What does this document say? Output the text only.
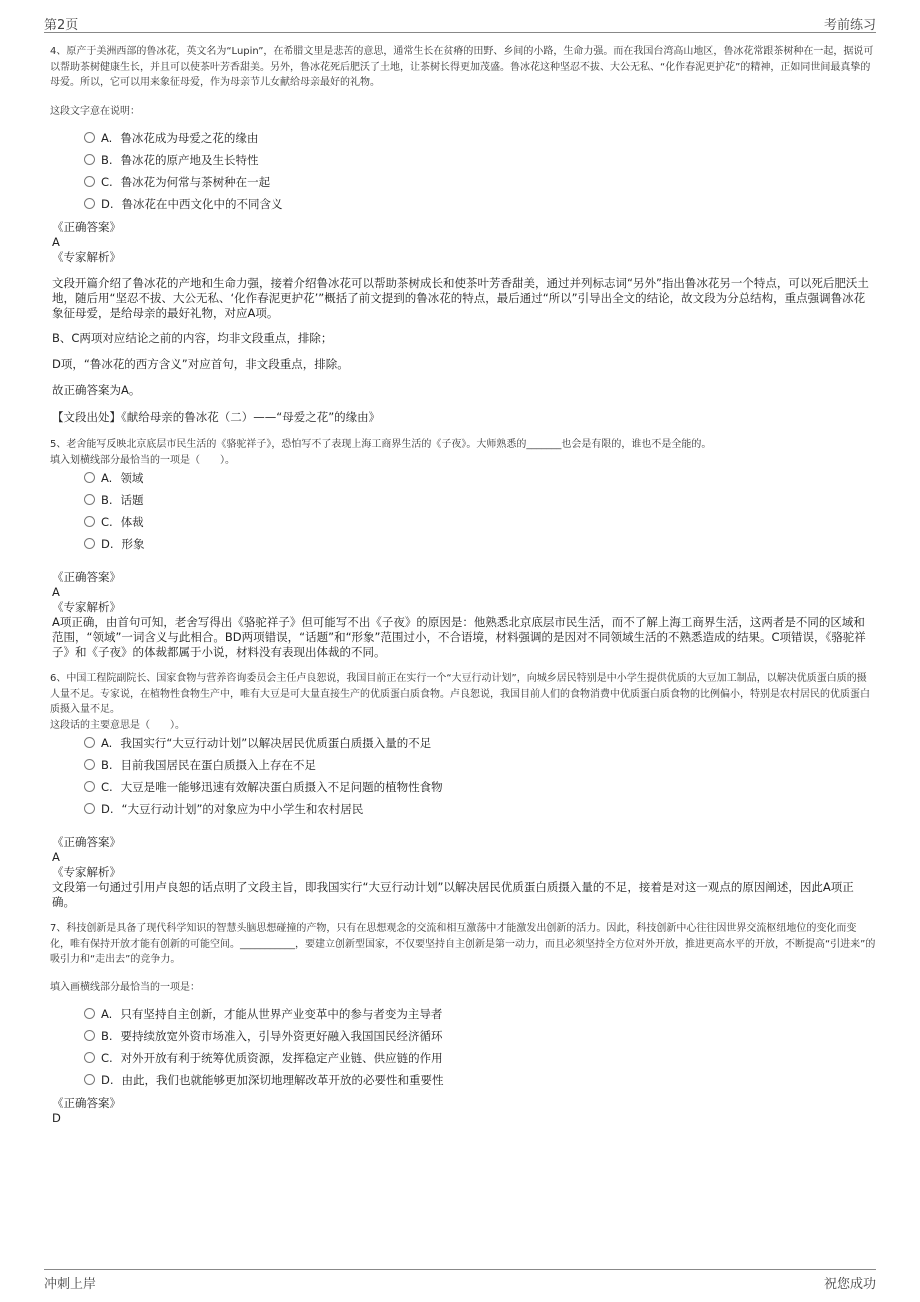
第2页	考前练习
4、原产于美洲西部的鲁冰花，英文名为“Lupin”，在希腊文里是悲苦的意思，通常生长在贫瘠的田野、乡间的小路，生命力强。而在我国台湾高山地区，鲁冰花常跟茶树种在一起，据说可以帮助茶树健康生长，并且可以使茶叶芳香甜美。另外，鲁冰花死后肥沃了土地，让茶树长得更加茂盛。鲁冰花这种坚忍不拔、大公无私、“化作春泥更护花”的精神，正如同世间最真挚的母爱。所以，它可以用来象征母爱，作为母亲节儿女献给母亲最好的礼物。
这段文字意在说明：
A. 鲁冰花成为母爱之花的缘由
B. 鲁冰花的原产地及生长特性
C. 鲁冰花为何常与茶树种在一起
D. 鲁冰花在中西文化中的不同含义
《正确答案》
A
《专家解析》
文段开篇介绍了鲁冰花的产地和生命力强，接着介绍鲁冰花可以帮助茶树成长和使茶叶芳香甜美，通过并列标志词“另外”指出鲁冰花另一个特点，可以死后肥沃土地，随后用“坚忍不拔、大公无私、‘化作春泥更护花’”概括了前文提到的鲁冰花的特点，最后通过“所以”引导出全文的结论，故文段为分总结构，重点强调鲁冰花象征母爱，是给母亲的最好礼物，对应A项。
B、C两项对应结论之前的内容，均非文段重点，排除；
D项，“鲁冰花的西方含义”对应首句，非文段重点，排除。
故正确答案为A。
【文段出处】《献给母亲的鲁冰花（二）——“母爱之花”的缘由》
5、老舍能写反映北京底层市民生活的《骆驼祥子》，恐怕写不了表现上海工商界生活的《子夜》。大师熟悉的_______也会是有限的，谁也不是全能的。
填入划横线部分最恰当的一项是（　　）。
A. 领域
B. 话题
C. 体裁
D. 形象
《正确答案》
A
《专家解析》
A项正确，由首句可知，老舍写得出《骆驼祥子》但可能写不出《子夜》的原因是：他熟悉北京底层市民生活，而不了解上海工商界生活，这两者是不同的区域和范围，“领域”一词含义与此相合。BD两项错误，“话题”和“形象”范围过小，不合语境，材料强调的是因对不同领域生活的不熟悉造成的结果。C项错误，《骆驼祥子》和《子夜》的体裁都属于小说，材料没有表现出体裁的不同。
6、中国工程院副院长、国家食物与营养咨询委员会主任卢良恕说，我国目前正在实行一个“大豆行动计划”，向城乡居民特别是中小学生提供优质的大豆加工制品，以解决优质蛋白质的摄人量不足。专家说，在植物性食物生产中，唯有大豆是可大量直接生产的优质蛋白质食物。卢良恕说，我国目前人们的食物消费中优质蛋白质食物的比例偏小，特别是农村居民的优质蛋白质摄入量不足。
这段话的主要意思是（　　）。
A. 我国实行“大豆行动计划”以解决居民优质蛋白质摄入量的不足
B. 目前我国居民在蛋白质摄入上存在不足
C. 大豆是唯一能够迅速有效解决蛋白质摄入不足问题的植物性食物
D. “大豆行动计划”的对象应为中小学生和农村居民
《正确答案》
A
《专家解析》
文段第一句通过引用卢良恕的话点明了文段主旨，即我国实行“大豆行动计划”以解决居民优质蛋白质摄入量的不足，接着是对这一观点的原因阐述，因此A项正确。
7、科技创新是具备了现代科学知识的智慧头脑思想碰撞的产物，只有在思想观念的交流和相互激荡中才能激发出创新的活力。因此，科技创新中心往往因世界交流枢纽地位的变化而变化，唯有保持开放才能有创新的可能空间。___________，要建立创新型国家，不仅要坚持自主创新是第一动力，而且必须坚持全方位对外开放，推进更高水平的开放，不断提高“引进来”的吸引力和“走出去”的竞争力。
填入画横线部分最恰当的一项是：
A. 只有坚持自主创新，才能从世界产业变革中的参与者变为主导者
B. 要持续放宽外资市场准入，引导外资更好融入我国国民经济循环
C. 对外开放有利于统筹优质资源，发挥稳定产业链、供应链的作用
D. 由此，我们也就能够更加深切地理解改革开放的必要性和重要性
《正确答案》
D
冲刺上岸	祝您成功
